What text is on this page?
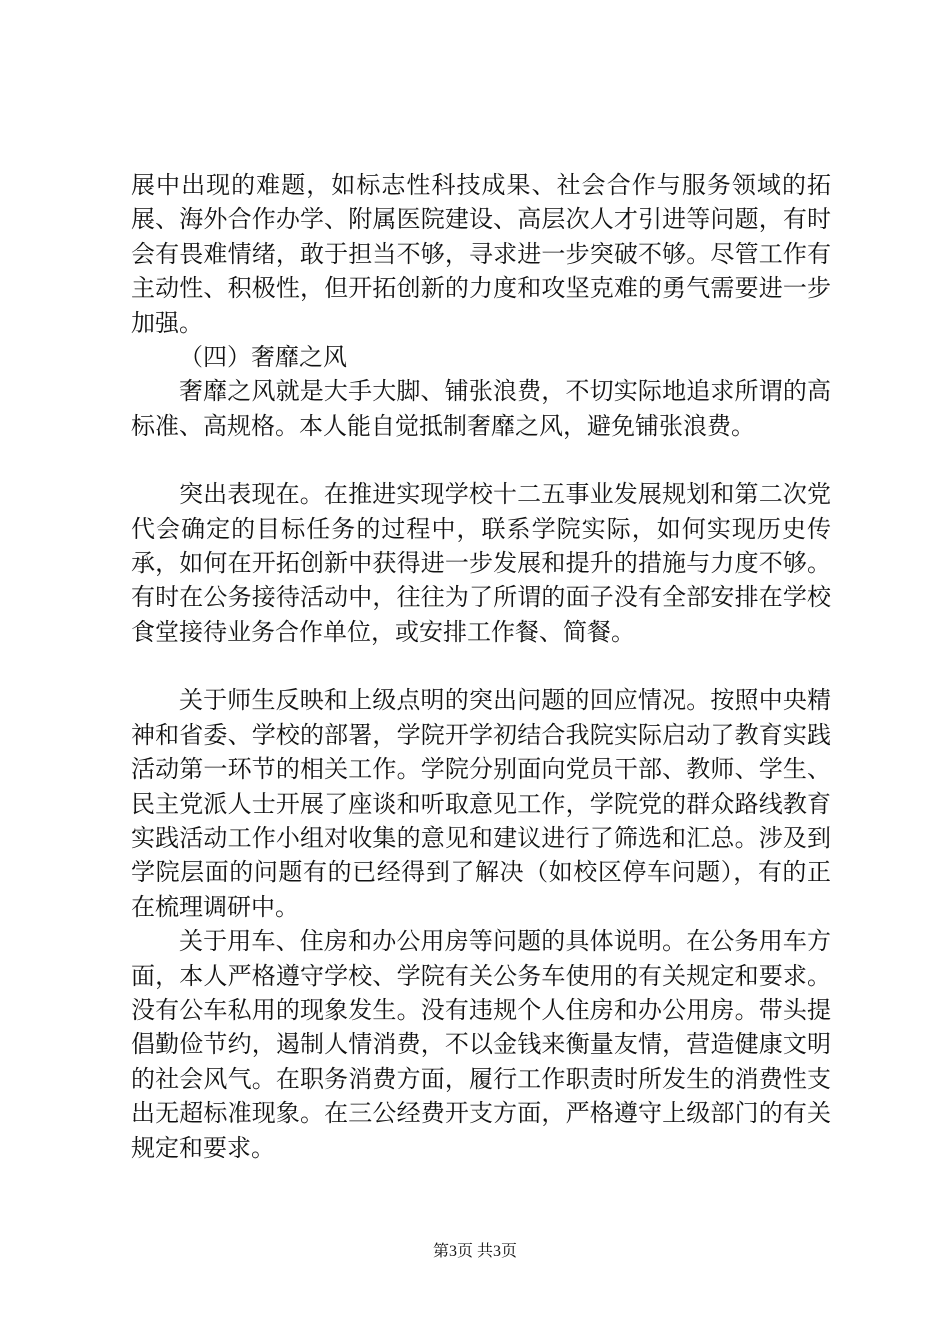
展中出现的难题，如标志性科技成果、社会合作与服务领域的拓展、海外合作办学、附属医院建设、高层次人才引进等问题，有时会有畏难情绪，敢于担当不够，寻求进一步突破不够。尽管工作有主动性、积极性，但开拓创新的力度和攻坚克难的勇气需要进一步加强。

（四）奢靡之风

奢靡之风就是大手大脚、铺张浪费，不切实际地追求所谓的高标准、高规格。本人能自觉抵制奢靡之风，避免铺张浪费。

突出表现在。在推进实现学校十二五事业发展规划和第二次党代会确定的目标任务的过程中，联系学院实际，如何实现历史传承，如何在开拓创新中获得进一步发展和提升的措施与力度不够。有时在公务接待活动中，往往为了所谓的面子没有全部安排在学校食堂接待业务合作单位，或安排工作餐、简餐。

关于师生反映和上级点明的突出问题的回应情况。按照中央精神和省委、学校的部署，学院开学初结合我院实际启动了教育实践活动第一环节的相关工作。学院分别面向党员干部、教师、学生、民主党派人士开展了座谈和听取意见工作，学院党的群众路线教育实践活动工作小组对收集的意见和建议进行了筛选和汇总。涉及到学院层面的问题有的已经得到了解决（如校区停车问题），有的正在梳理调研中。

关于用车、住房和办公用房等问题的具体说明。在公务用车方面，本人严格遵守学校、学院有关公务车使用的有关规定和要求。没有公车私用的现象发生。没有违规个人住房和办公用房。带头提倡勤俭节约，遏制人情消费，不以金钱来衡量友情，营造健康文明的社会风气。在职务消费方面，履行工作职责时所发生的消费性支出无超标准现象。在三公经费开支方面，严格遵守上级部门的有关规定和要求。

第3页 共3页
